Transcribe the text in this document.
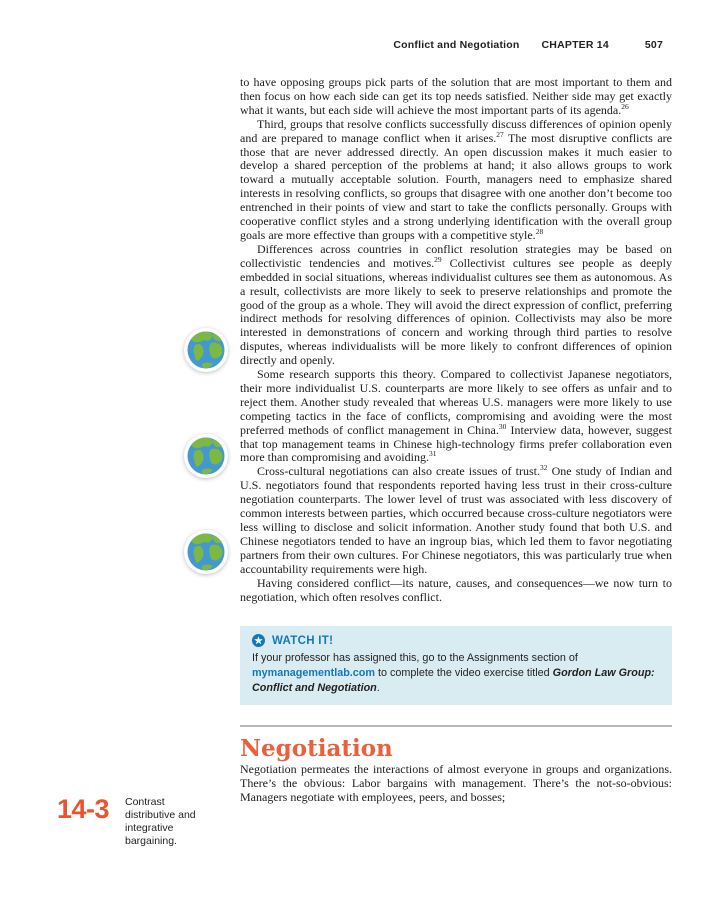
Conflict and Negotiation CHAPTER 14	507
14-3	Contrast distributive and integrative bargaining.

to have opposing groups pick parts of the solution that are most important to them and then focus on how each side can get its top needs satisfied. Neither side may get exactly what it wants, but each side will achieve the most important parts of its agenda.$^{26}$

Third, groups that resolve conflicts successfully discuss differences of opinion openly and are prepared to manage conflict when it arises.$^{27}$ The most disruptive conflicts are those that are never addressed directly. An open discussion makes it much easier to develop a shared perception of the problems at hand; it also allows groups to work toward a mutually acceptable solution. Fourth, managers need to emphasize shared interests in resolving conflicts, so groups that disagree with one another don’t become too entrenched in their points of view and start to take the conflicts personally. Groups with cooperative conflict styles and a strong underlying identification with the overall group goals are more effective than groups with a competitive style.$^{28}$

Differences across countries in conflict resolution strategies may be based on collectivistic tendencies and motives.$^{29}$ Collectivist cultures see people as deeply embedded in social situations, whereas individualist cultures see them as autonomous. As a result, collectivists are more likely to seek to preserve relationships and promote the good of the group as a whole. They will avoid the direct expression of conflict, preferring indirect methods for resolving differences of opinion. Collectivists may also be more interested in demonstrations of concern and working through third parties to resolve disputes, whereas individualists will be more likely to confront differences of opinion directly and openly.

Some research supports this theory. Compared to collectivist Japanese negotiators, their more individualist U.S. counterparts are more likely to see offers as unfair and to reject them. Another study revealed that whereas U.S. managers were more likely to use competing tactics in the face of conflicts, compromising and avoiding were the most preferred methods of conflict management in China.$^{30}$ Interview data, however, suggest that top management teams in Chinese high-technology firms prefer collaboration even more than compromising and avoiding.$^{31}$

Cross-cultural negotiations can also create issues of trust.$^{32}$ One study of Indian and U.S. negotiators found that respondents reported having less trust in their cross-culture negotiation counterparts. The lower level of trust was associated with less discovery of common interests between parties, which occurred because cross-culture negotiators were less willing to disclose and solicit information. Another study found that both U.S. and Chinese negotiators tended to have an ingroup bias, which led them to favor negotiating partners from their own cultures. For Chinese negotiators, this was particularly true when accountability requirements were high.

Having considered conflict—its nature, causes, and consequences—we now turn to negotiation, which often resolves conflict.

WATCH IT!
If your professor has assigned this, go to the Assignments section of mymanagementlab.com to complete the video exercise titled Gordon Law Group: Conflict and Negotiation.
Negotiation

Negotiation permeates the interactions of almost everyone in groups and organizations. There’s the obvious: Labor bargains with management. There’s the not-so-obvious: Managers negotiate with employees, peers, and bosses;
